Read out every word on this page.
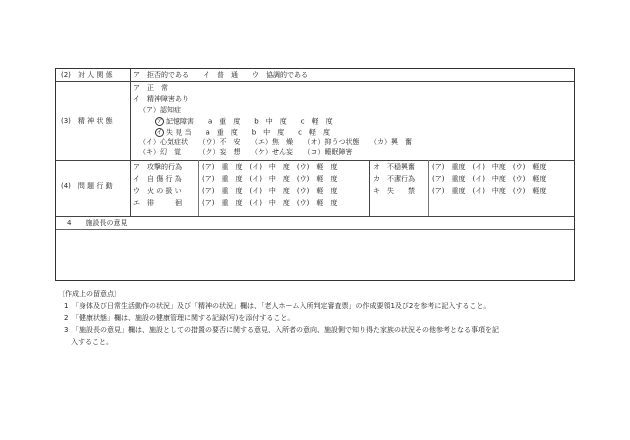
(2)　対 人 関 係	ア　拒否的である　　イ　普　通　　ウ　協調的である
(3)　精 神 状 態
ア　正　常
イ　精神障害あり
（ア）認知症
ア 記憶障害　　a　重　度　　b　中　度　　c　軽　度
イ 失 見 当　　a　重　度　　b　中　度　　c　軽　度
（イ）心気症状　　（ウ）不　安　　（エ）焦　燥　　（オ）抑うつ状態　　（カ）興　奮
（キ）幻　覚　　　（ク）妄　想　　（ケ）せん妄　　（コ）睡眠障害
(4)　問 題 行 動
ア　攻撃的行為
イ　自 傷 行 為
ウ　火 の 扱 い
エ　徘　　　徊
(ア)　重　度　(イ)　中　度　(ウ)　軽　度
(ア)　重　度　(イ)　中　度　(ウ)　軽　度
(ア)　重　度　(イ)　中　度　(ウ)　軽　度
(ア)　重　度　(イ)　中　度　(ウ)　軽　度
オ　不穏興奮
カ　不潔行為
キ　失　　禁
(ア)　重度　(イ)　中度　(ウ)　軽度
(ア)　重度　(イ)　中度　(ウ)　軽度
(ア)　重度　(イ)　中度　(ウ)　軽度
4　　施設長の意見
〔作成上の留意点〕
1　「身体及び日常生活動作の状況」及び「精神の状況」欄は、「老人ホーム入所判定審査票」の作成要領1及び2を参考に記入すること。
2　「健康状態」欄は、施設の健康管理に関する記録(写)を添付すること。
3　「施設長の意見」欄は、施設としての措置の要否に関する意見、入所者の意向、施設側で知り得た家族の状況その他参考となる事項を記
　入すること。
